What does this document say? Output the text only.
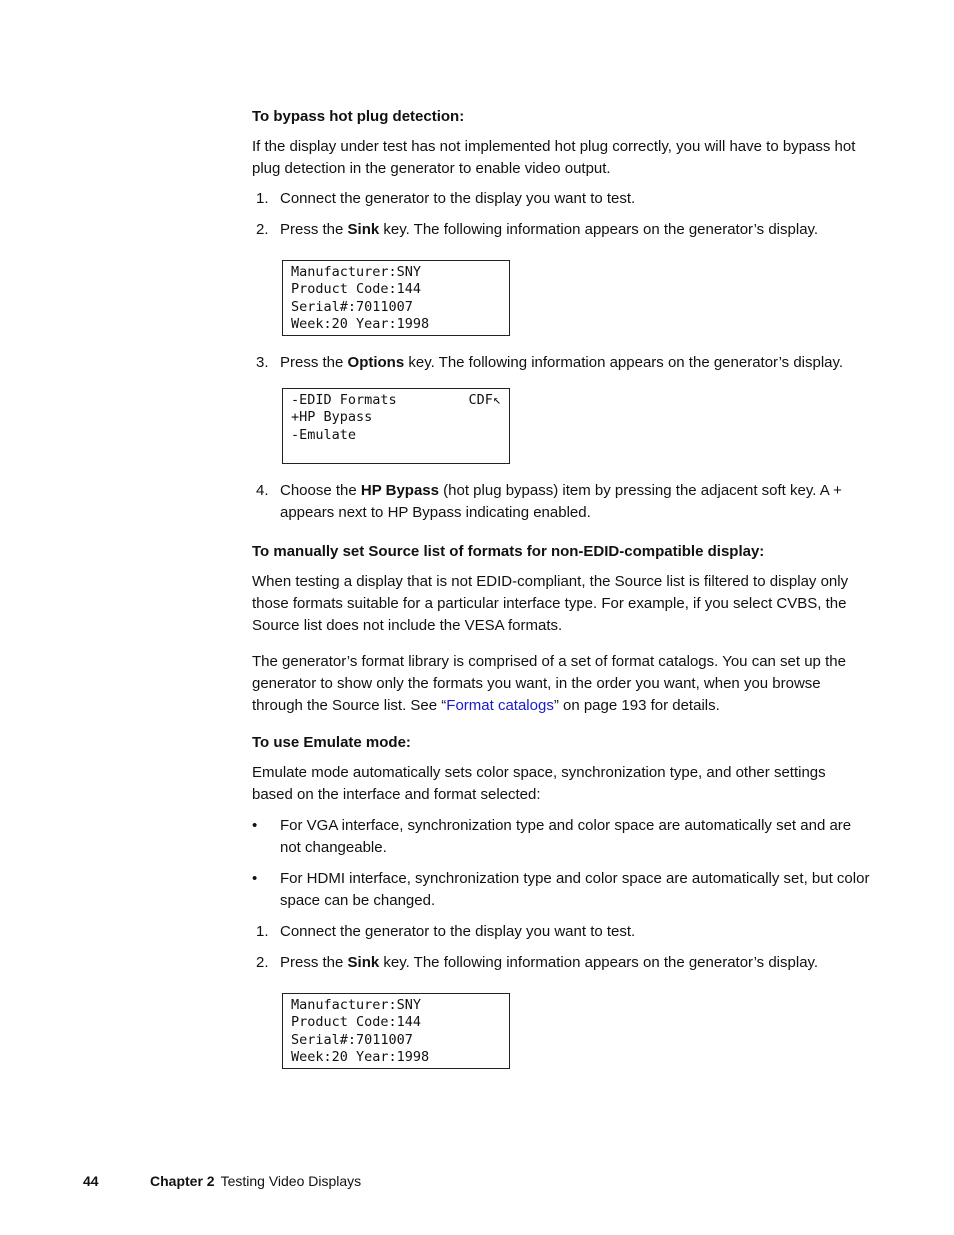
To bypass hot plug detection:
If the display under test has not implemented hot plug correctly, you will have to bypass hot plug detection in the generator to enable video output.
1. Connect the generator to the display you want to test.
2. Press the Sink key. The following information appears on the generator’s display.
Manufacturer:SNY
Product Code:144
Serial#:7011007
Week:20 Year:1998
3. Press the Options key. The following information appears on the generator’s display.
-EDID Formats
+HP Bypass
-Emulate
CDF↖
4. Choose the HP Bypass (hot plug bypass) item by pressing the adjacent soft key. A + appears next to HP Bypass indicating enabled.
To manually set Source list of formats for non-EDID-compatible display:
When testing a display that is not EDID-compliant, the Source list is filtered to display only those formats suitable for a particular interface type. For example, if you select CVBS, the Source list does not include the VESA formats.
The generator’s format library is comprised of a set of format catalogs. You can set up the generator to show only the formats you want, in the order you want, when you browse through the Source list. See “Format catalogs” on page 193 for details.
To use Emulate mode:
Emulate mode automatically sets color space, synchronization type, and other settings based on the interface and format selected:
• For VGA interface, synchronization type and color space are automatically set and are not changeable.
• For HDMI interface, synchronization type and color space are automatically set, but color space can be changed.
1. Connect the generator to the display you want to test.
2. Press the Sink key. The following information appears on the generator’s display.
Manufacturer:SNY
Product Code:144
Serial#:7011007
Week:20 Year:1998
44	Chapter 2 Testing Video Displays
